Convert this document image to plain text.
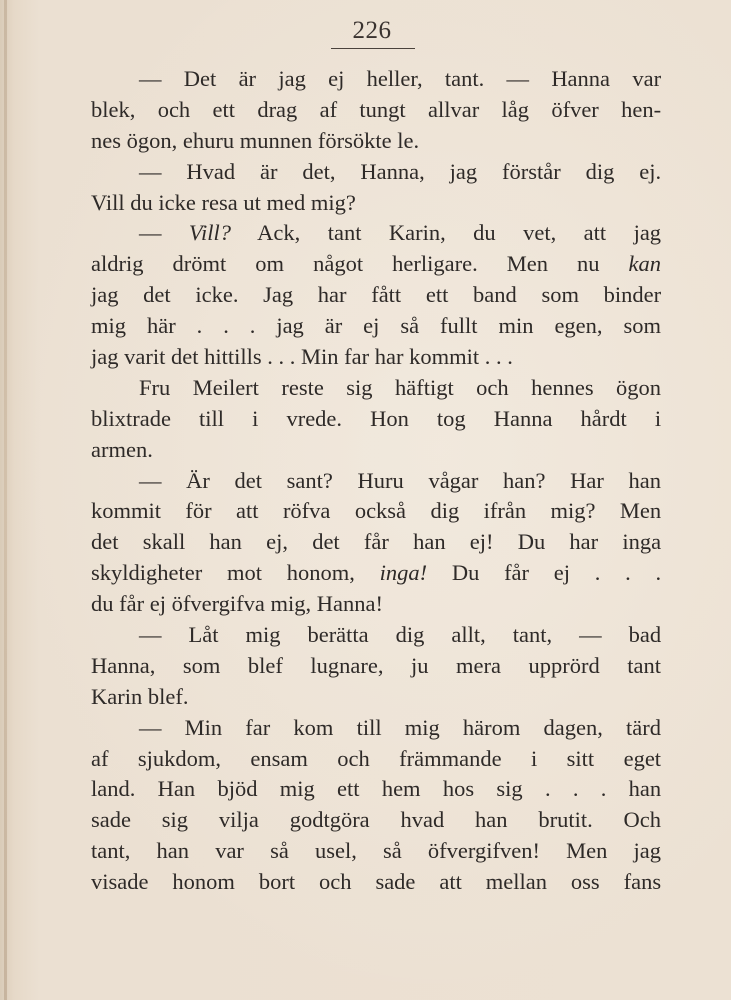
226
— Det är jag ej heller, tant. — Hanna var
blek, och ett drag af tungt allvar låg öfver hen-
nes ögon, ehuru munnen försökte le.
— Hvad är det, Hanna, jag förstår dig ej.
Vill du icke resa ut med mig?
— Vill? Ack, tant Karin, du vet, att jag
aldrig drömt om något herligare. Men nu kan
jag det icke. Jag har fått ett band som binder
mig här . . . jag är ej så fullt min egen, som
jag varit det hittills . . . Min far har kommit . . .
Fru Meilert reste sig häftigt och hennes ögon
blixtrade till i vrede. Hon tog Hanna hårdt i
armen.
— Är det sant? Huru vågar han? Har han
kommit för att röfva också dig ifrån mig? Men
det skall han ej, det får han ej! Du har inga
skyldigheter mot honom, inga! Du får ej . . .
du får ej öfvergifva mig, Hanna!
— Låt mig berätta dig allt, tant, — bad
Hanna, som blef lugnare, ju mera upprörd tant
Karin blef.
— Min far kom till mig härom dagen, tärd
af sjukdom, ensam och främmande i sitt eget
land. Han bjöd mig ett hem hos sig . . . han
sade sig vilja godtgöra hvad han brutit. Och
tant, han var så usel, så öfvergifven! Men jag
visade honom bort och sade att mellan oss fans
